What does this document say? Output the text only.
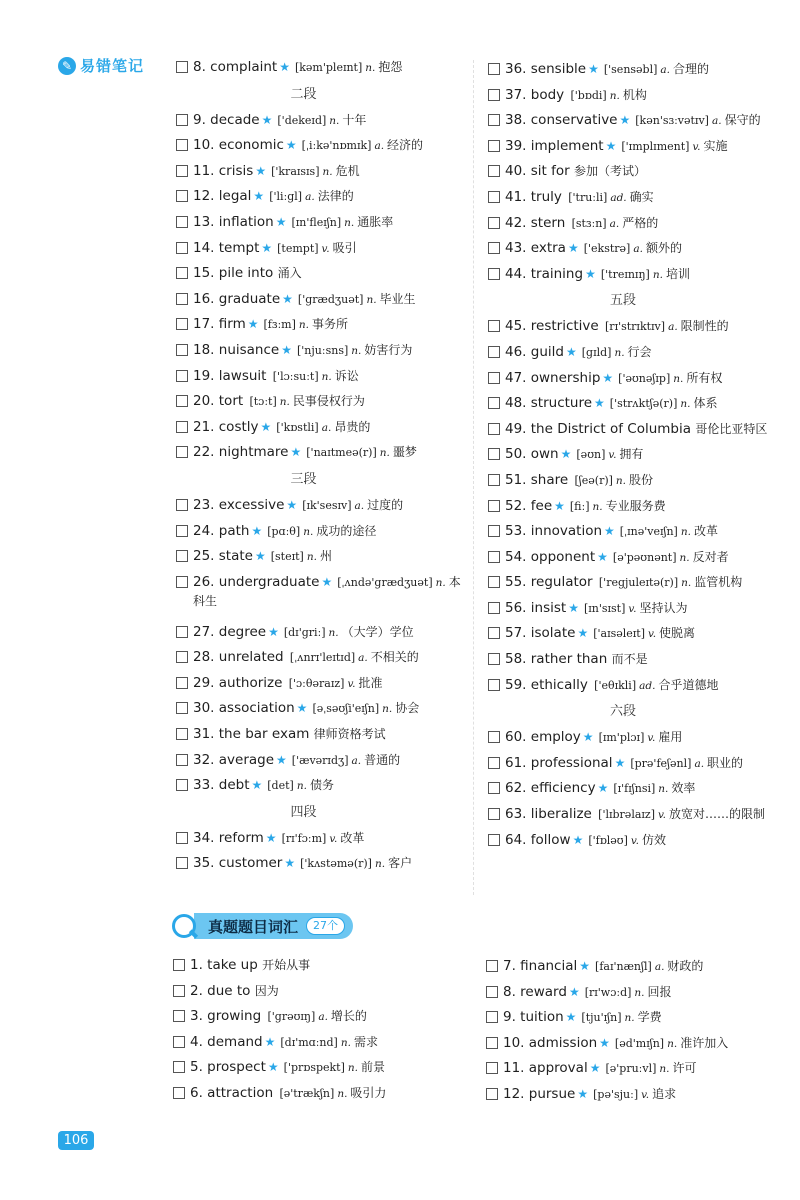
✎ 易错笔记	8. complaint ★ [kəm'pleɪnt] n. 抱怨
二段
9. decade ★ ['dekeɪd] n. 十年
10. economic ★ [ˌiːkə'nɒmɪk] a. 经济的
11. crisis ★ ['kraɪsɪs] n. 危机
12. legal ★ ['liːgl] a. 法律的
13. inflation ★ [ɪn'fleɪʃn] n. 通胀率
14. tempt ★ [tempt] v. 吸引
15. pile into 涌入
16. graduate ★ ['grædʒuət] n. 毕业生
17. firm ★ [fɜːm] n. 事务所
18. nuisance ★ ['njuːsns] n. 妨害行为
19. lawsuit ['lɔːsuːt] n. 诉讼
20. tort [tɔːt] n. 民事侵权行为
21. costly ★ ['kɒstli] a. 昂贵的
22. nightmare ★ ['naɪtmeə(r)] n. 噩梦
三段
23. excessive ★ [ɪk'sesɪv] a. 过度的
24. path ★ [pɑːθ] n. 成功的途径
25. state ★ [steɪt] n. 州
26. undergraduate ★ [ˌʌndə'grædʒuət] n. 本科生
27. degree ★ [dɪ'griː] n. （大学）学位
28. unrelated [ˌʌnrɪ'leɪtɪd] a. 不相关的
29. authorize ['ɔːθəraɪz] v. 批准
30. association ★ [əˌsəʊʃi'eɪʃn] n. 协会
31. the bar exam 律师资格考试
32. average ★ ['ævərɪdʒ] a. 普通的
33. debt ★ [det] n. 债务
四段
34. reform ★ [rɪ'fɔːm] v. 改革
35. customer ★ ['kʌstəmə(r)] n. 客户
36. sensible ★ ['sensəbl] a. 合理的
37. body ['bɒdi] n. 机构
38. conservative ★ [kən'sɜːvətɪv] a. 保守的
39. implement ★ ['ɪmplɪment] v. 实施
40. sit for 参加（考试）
41. truly ['truːli] ad. 确实
42. stern [stɜːn] a. 严格的
43. extra ★ ['ekstrə] a. 额外的
44. training ★ ['treɪnɪŋ] n. 培训
五段
45. restrictive [rɪ'strɪktɪv] a. 限制性的
46. guild ★ [gɪld] n. 行会
47. ownership ★ ['əʊnəʃɪp] n. 所有权
48. structure ★ ['strʌktʃə(r)] n. 体系
49. the District of Columbia 哥伦比亚特区
50. own ★ [əʊn] v. 拥有
51. share [ʃeə(r)] n. 股份
52. fee ★ [fiː] n. 专业服务费
53. innovation ★ [ˌɪnə'veɪʃn] n. 改革
54. opponent ★ [ə'pəʊnənt] n. 反对者
55. regulator ['regjuleɪtə(r)] n. 监管机构
56. insist ★ [ɪn'sɪst] v. 坚持认为
57. isolate ★ ['aɪsəleɪt] v. 使脱离
58. rather than 而不是
59. ethically ['eθɪkli] ad. 合乎道德地
六段
60. employ ★ [ɪm'plɔɪ] v. 雇用
61. professional ★ [prə'feʃənl] a. 职业的
62. efficiency ★ [ɪ'fɪʃnsi] n. 效率
63. liberalize ['lɪbrəlaɪz] v. 放宽对……的限制
64. follow ★ ['fɒləʊ] v. 仿效
真题题目词汇	27个
1. take up 开始从事
2. due to 因为
3. growing ['grəʊɪŋ] a. 增长的
4. demand ★ [dɪ'mɑːnd] n. 需求
5. prospect ★ ['prɒspekt] n. 前景
6. attraction [ə'trækʃn] n. 吸引力
7. financial ★ [faɪ'nænʃl] a. 财政的
8. reward ★ [rɪ'wɔːd] n. 回报
9. tuition ★ [tju'ɪʃn] n. 学费
10. admission ★ [əd'mɪʃn] n. 准许加入
11. approval ★ [ə'pruːvl] n. 许可
12. pursue ★ [pə'sjuː] v. 追求
106
